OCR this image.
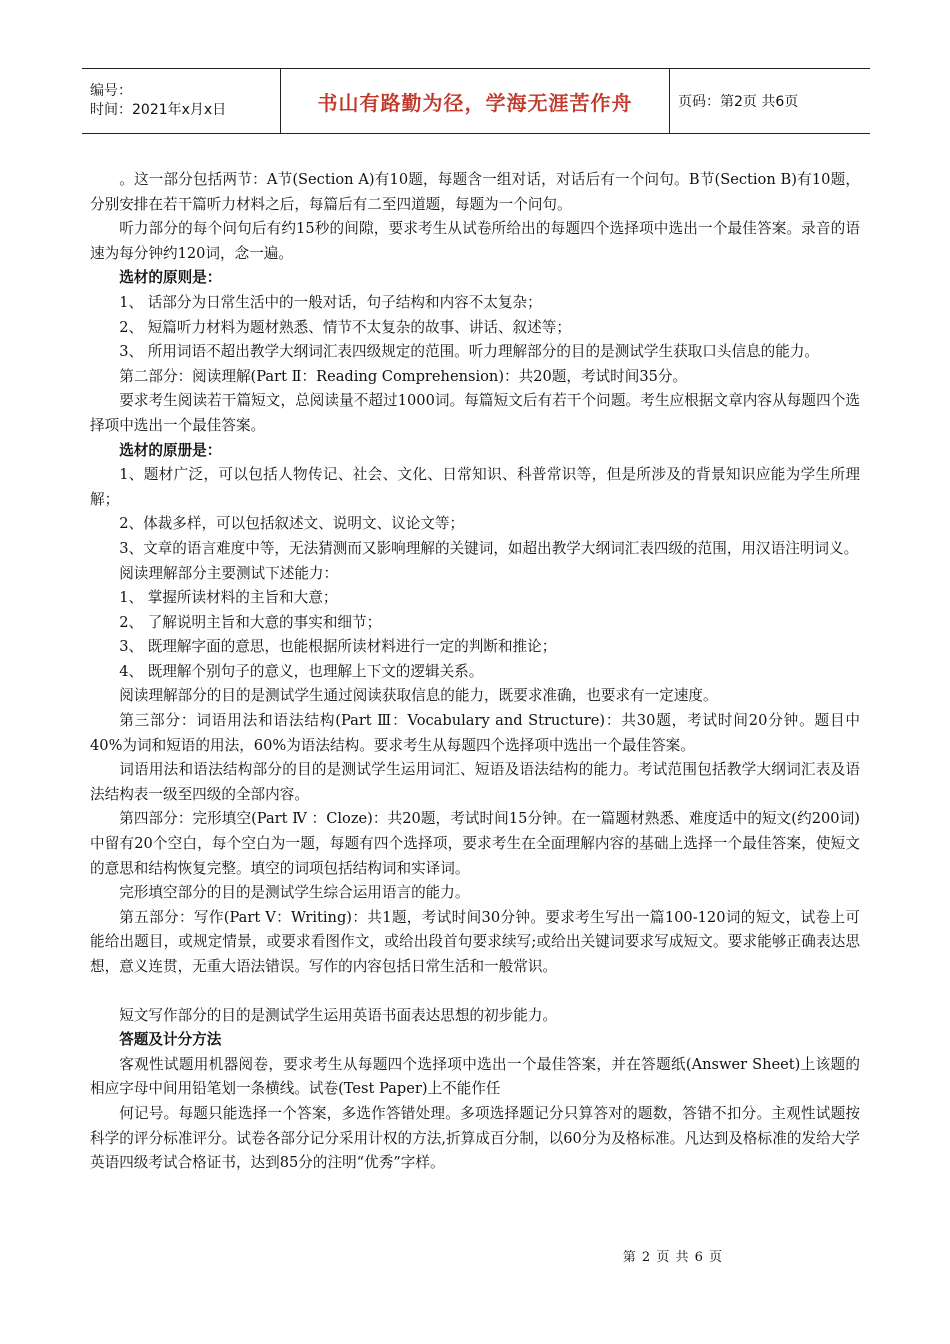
编号：
时间：2021年x月x日	书山有路勤为径，学海无涯苦作舟	页码：第2页 共6页

。这一部分包括两节：A节(Section A)有10题，每题含一组对话，对话后有一个问句。B节(Section B)有10题，分别安排在若干篇听力材料之后，每篇后有二至四道题，每题为一个问句。

听力部分的每个问句后有约15秒的间隙，要求考生从试卷所给出的每题四个选择项中选出一个最佳答案。录音的语速为每分钟约120词，念一遍。

选材的原则是：

1、 话部分为日常生活中的一般对话，句子结构和内容不太复杂；

2、 短篇听力材料为题材熟悉、情节不太复杂的故事、讲话、叙述等；

3、 所用词语不超出教学大纲词汇表四级规定的范围。听力理解部分的目的是测试学生获取口头信息的能力。

第二部分：阅读理解(Part Ⅱ：Reading Comprehension)：共20题，考试时间35分。

要求考生阅读若干篇短文，总阅读量不超过1000词。每篇短文后有若干个问题。考生应根据文章内容从每题四个选择项中选出一个最佳答案。

选材的原册是：

1、题材广泛，可以包括人物传记、社会、文化、日常知识、科普常识等，但是所涉及的背景知识应能为学生所理解；

2、体裁多样，可以包括叙述文、说明文、议论文等；

3、文章的语言难度中等，无法猜测而又影响理解的关键词，如超出教学大纲词汇表四级的范围，用汉语注明词义。

阅读理解部分主要测试下述能力：

1、 掌握所读材料的主旨和大意；

2、 了解说明主旨和大意的事实和细节；

3、 既理解字面的意思，也能根据所读材料进行一定的判断和推论；

4、 既理解个别句子的意义，也理解上下文的逻辑关系。

阅读理解部分的目的是测试学生通过阅读获取信息的能力，既要求准确，也要求有一定速度。

第三部分：词语用法和语法结构(Part Ⅲ：Vocabulary and Structure)：共30题，考试时间20分钟。题目中40%为词和短语的用法，60%为语法结构。要求考生从每题四个选择项中选出一个最佳答案。

词语用法和语法结构部分的目的是测试学生运用词汇、短语及语法结构的能力。考试范围包括教学大纲词汇表及语法结构表一级至四级的全部内容。

第四部分：完形填空(Part Ⅳ ：Cloze)：共20题，考试时间15分钟。在一篇题材熟悉、难度适中的短文(约200词)中留有20个空白，每个空白为一题，每题有四个选择项，要求考生在全面理解内容的基础上选择一个最佳答案，使短文的意思和结构恢复完整。填空的词项包括结构词和实译词。

完形填空部分的目的是测试学生综合运用语言的能力。

第五部分：写作(Part Ⅴ：Writing)：共1题，考试时间30分钟。要求考生写出一篇100-120词的短文，试卷上可能给出题目，或规定情景，或要求看图作文，或给出段首句要求续写;或给出关键词要求写成短文。要求能够正确表达思想，意义连贯，无重大语法错误。写作的内容包括日常生活和一般常识。

短文写作部分的目的是测试学生运用英语书面表达思想的初步能力。

答题及计分方法

客观性试题用机器阅卷，要求考生从每题四个选择项中选出一个最佳答案，并在答题纸(Answer Sheet)上该题的相应字母中间用铅笔划一条横线。试卷(Test Paper)上不能作任

何记号。每题只能选择一个答案，多选作答错处理。多项选择题记分只算答对的题数，答错不扣分。主观性试题按科学的评分标准评分。试卷各部分记分采用计权的方法,折算成百分制，以60分为及格标准。凡达到及格标准的发给大学英语四级考试合格证书，达到85分的注明“优秀”字样。

第 2 页 共 6 页
